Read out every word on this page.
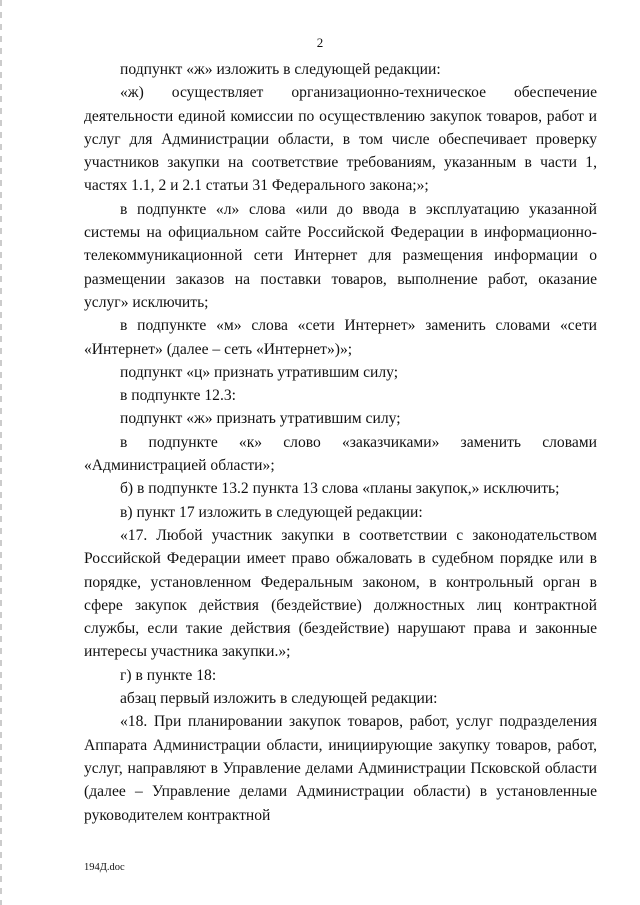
2

подпункт «ж» изложить в следующей редакции:

«ж) осуществляет организационно-техническое обеспечение деятельности единой комиссии по осуществлению закупок товаров, работ и услуг для Администрации области, в том числе обеспечивает проверку участников закупки на соответствие требованиям, указанным в части 1, частях 1.1, 2 и 2.1 статьи 31 Федерального закона;»;

в подпункте «л» слова «или до ввода в эксплуатацию указанной системы на официальном сайте Российской Федерации в информационно-телекоммуникационной сети Интернет для размещения информации о размещении заказов на поставки товаров, выполнение работ, оказание услуг» исключить;

в подпункте «м» слова «сети Интернет» заменить словами «сети «Интернет» (далее – сеть «Интернет»)»;

подпункт «ц» признать утратившим силу;

в подпункте 12.3:

подпункт «ж» признать утратившим силу;

в подпункте «к» слово «заказчиками» заменить словами «Администрацией области»;

б) в подпункте 13.2 пункта 13 слова «планы закупок,» исключить;

в) пункт 17 изложить в следующей редакции:

«17. Любой участник закупки в соответствии с законодательством Российской Федерации имеет право обжаловать в судебном порядке или в порядке, установленном Федеральным законом, в контрольный орган в сфере закупок действия (бездействие) должностных лиц контрактной службы, если такие действия (бездействие) нарушают права и законные интересы участника закупки.»;

г) в пункте 18:

абзац первый изложить в следующей редакции:

«18. При планировании закупок товаров, работ, услуг подразделения Аппарата Администрации области, инициирующие закупку товаров, работ, услуг, направляют в Управление делами Администрации Псковской области (далее – Управление делами Администрации области) в установленные руководителем контрактной

194Д.doc
